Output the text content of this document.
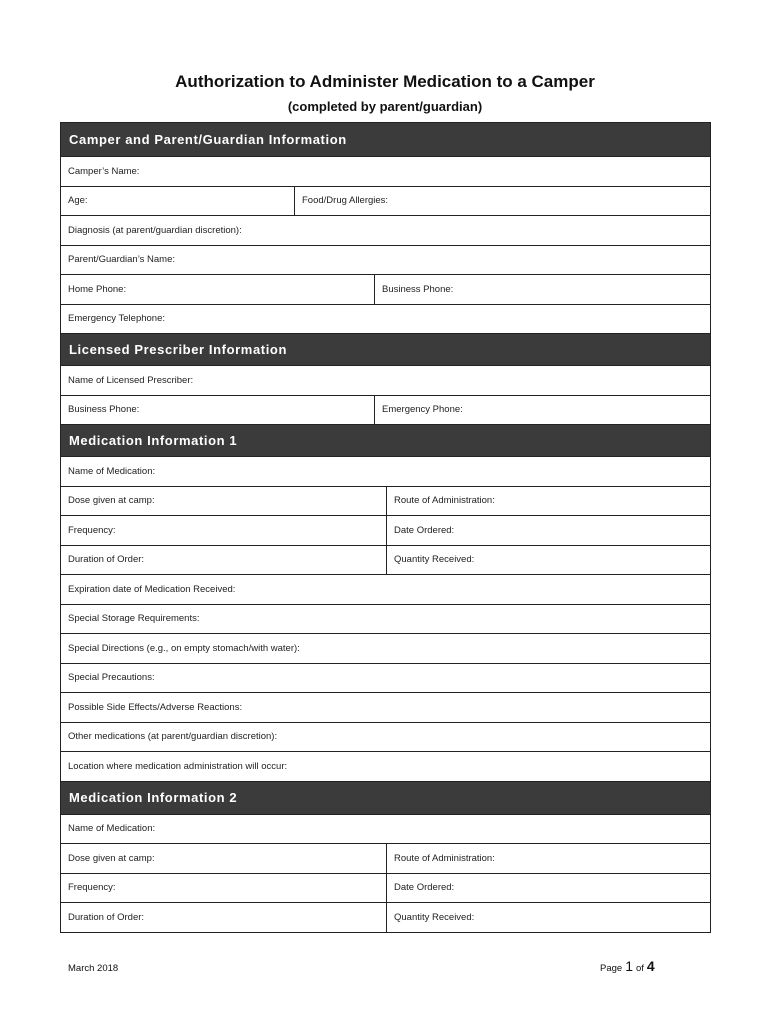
Authorization to Administer Medication to a Camper
(completed by parent/guardian)
Camper and Parent/Guardian Information
Camper’s Name:
Age:	Food/Drug Allergies:
Diagnosis (at parent/guardian discretion):
Parent/Guardian’s Name:
Home Phone:	Business Phone:
Emergency Telephone:
Licensed Prescriber Information
Name of Licensed Prescriber:
Business Phone:	Emergency Phone:
Medication Information 1
Name of Medication:
Dose given at camp:	Route of Administration:
Frequency:	Date Ordered:
Duration of Order:	Quantity Received:
Expiration date of Medication Received:
Special Storage Requirements:
Special Directions (e.g., on empty stomach/with water):
Special Precautions:
Possible Side Effects/Adverse Reactions:
Other medications (at parent/guardian discretion):
Location where medication administration will occur:
Medication Information 2
Name of Medication:
Dose given at camp:	Route of Administration:
Frequency:	Date Ordered:
Duration of Order:	Quantity Received:
March 2018	Page 1 of 4
